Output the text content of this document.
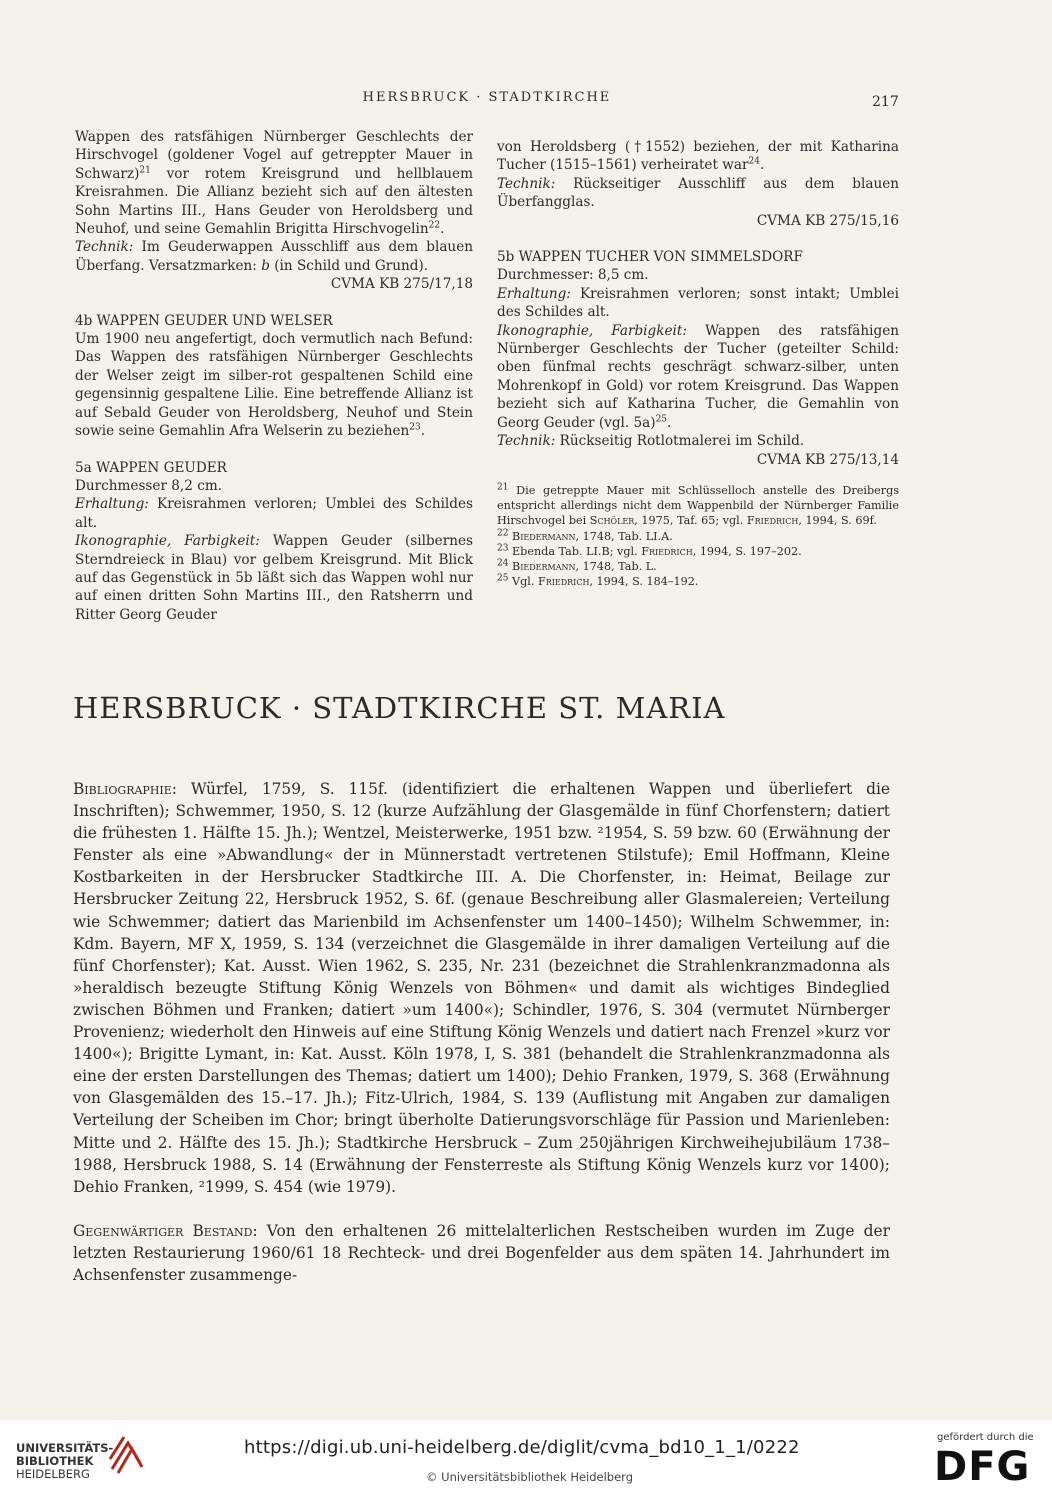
HERSBRUCK · STADTKIRCHE	217

Wappen des ratsfähigen Nürnberger Geschlechts der Hirschvogel (goldener Vogel auf getreppter Mauer in Schwarz)$^{21}$ vor rotem Kreisgrund und hellblauem Kreisrahmen. Die Allianz bezieht sich auf den ältesten Sohn Martins III., Hans Geuder von Heroldsberg und Neuhof, und seine Gemahlin Brigitta Hirschvogelin$^{22}$.

Technik: Im Geuderwappen Ausschliff aus dem blauen Überfang. Versatzmarken: b (in Schild und Grund).

CVMA KB 275/17,18

4b WAPPEN GEUDER UND WELSER

Um 1900 neu angefertigt, doch vermutlich nach Befund: Das Wappen des ratsfähigen Nürnberger Geschlechts der Welser zeigt im silber-rot gespaltenen Schild eine gegensinnig gespaltene Lilie. Eine betreffende Allianz ist auf Sebald Geuder von Heroldsberg, Neuhof und Stein sowie seine Gemahlin Afra Welserin zu beziehen$^{23}$.

5a WAPPEN GEUDER

Durchmesser 8,2 cm.

Erhaltung: Kreisrahmen verloren; Umblei des Schildes alt.

Ikonographie, Farbigkeit: Wappen Geuder (silbernes Sterndreieck in Blau) vor gelbem Kreisgrund. Mit Blick auf das Gegenstück in 5b läßt sich das Wappen wohl nur auf einen dritten Sohn Martins III., den Ratsherrn und Ritter Georg Geuder

von Heroldsberg (†1552) beziehen, der mit Katharina Tucher (1515–1561) verheiratet war$^{24}$.

Technik: Rückseitiger Ausschliff aus dem blauen Überfangglas.

CVMA KB 275/15,16

5b WAPPEN TUCHER VON SIMMELSDORF

Durchmesser: 8,5 cm.

Erhaltung: Kreisrahmen verloren; sonst intakt; Umblei des Schildes alt.

Ikonographie, Farbigkeit: Wappen des ratsfähigen Nürnberger Geschlechts der Tucher (geteilter Schild: oben fünfmal rechts geschrägt schwarz-silber, unten Mohrenkopf in Gold) vor rotem Kreisgrund. Das Wappen bezieht sich auf Katharina Tucher, die Gemahlin von Georg Geuder (vgl. 5a)$^{25}$.

Technik: Rückseitig Rotlotmalerei im Schild.

CVMA KB 275/13,14

$^{21}$ Die getreppte Mauer mit Schlüsselloch anstelle des Dreibergs entspricht allerdings nicht dem Wappenbild der Nürnberger Familie Hirschvogel bei Schöler, 1975, Taf. 65; vgl. Friedrich, 1994, S. 69f.

$^{22}$ Biedermann, 1748, Tab. LI.A.

$^{23}$ Ebenda Tab. LI.B; vgl. Friedrich, 1994, S. 197–202.

$^{24}$ Biedermann, 1748, Tab. L.

$^{25}$ Vgl. Friedrich, 1994, S. 184–192.

HERSBRUCK · STADTKIRCHE ST. MARIA

Bibliographie: Würfel, 1759, S. 115f. (identifiziert die erhaltenen Wappen und überliefert die Inschriften); Schwemmer, 1950, S. 12 (kurze Aufzählung der Glasgemälde in fünf Chorfenstern; datiert die frühesten 1. Hälfte 15. Jh.); Wentzel, Meisterwerke, 1951 bzw. ²1954, S. 59 bzw. 60 (Erwähnung der Fenster als eine »Abwandlung« der in Münnerstadt vertretenen Stilstufe); Emil Hoffmann, Kleine Kostbarkeiten in der Hersbrucker Stadtkirche III. A. Die Chorfenster, in: Heimat, Beilage zur Hersbrucker Zeitung 22, Hersbruck 1952, S. 6f. (genaue Beschreibung aller Glasmalereien; Verteilung wie Schwemmer; datiert das Marienbild im Achsenfenster um 1400–1450); Wilhelm Schwemmer, in: Kdm. Bayern, MF X, 1959, S. 134 (verzeichnet die Glasgemälde in ihrer damaligen Verteilung auf die fünf Chorfenster); Kat. Ausst. Wien 1962, S. 235, Nr. 231 (bezeichnet die Strahlenkranzmadonna als »heraldisch bezeugte Stiftung König Wenzels von Böhmen« und damit als wichtiges Bindeglied zwischen Böhmen und Franken; datiert »um 1400«); Schindler, 1976, S. 304 (vermutet Nürnberger Provenienz; wiederholt den Hinweis auf eine Stiftung König Wenzels und datiert nach Frenzel »kurz vor 1400«); Brigitte Lymant, in: Kat. Ausst. Köln 1978, I, S. 381 (behandelt die Strahlenkranzmadonna als eine der ersten Darstellungen des Themas; datiert um 1400); Dehio Franken, 1979, S. 368 (Erwähnung von Glasgemälden des 15.–17. Jh.); Fitz-Ulrich, 1984, S. 139 (Auflistung mit Angaben zur damaligen Verteilung der Scheiben im Chor; bringt überholte Datierungsvorschläge für Passion und Marienleben: Mitte und 2. Hälfte des 15. Jh.); Stadtkirche Hersbruck – Zum 250jährigen Kirchweihejubiläum 1738–1988, Hersbruck 1988, S. 14 (Erwähnung der Fensterreste als Stiftung König Wenzels kurz vor 1400); Dehio Franken, ²1999, S. 454 (wie 1979).

Gegenwärtiger Bestand: Von den erhaltenen 26 mittelalterlichen Restscheiben wurden im Zuge der letzten Restaurierung 1960/61 18 Rechteck- und drei Bogenfelder aus dem späten 14. Jahrhundert im Achsenfenster zusammenge-

UNIVERSITÄTS-
BIBLIOTHEK
HEIDELBERG
https://digi.ub.uni-heidelberg.de/diglit/cvma_bd10_1_1/0222
© Universitätsbibliothek Heidelberg
gefördert durch die
DFG
